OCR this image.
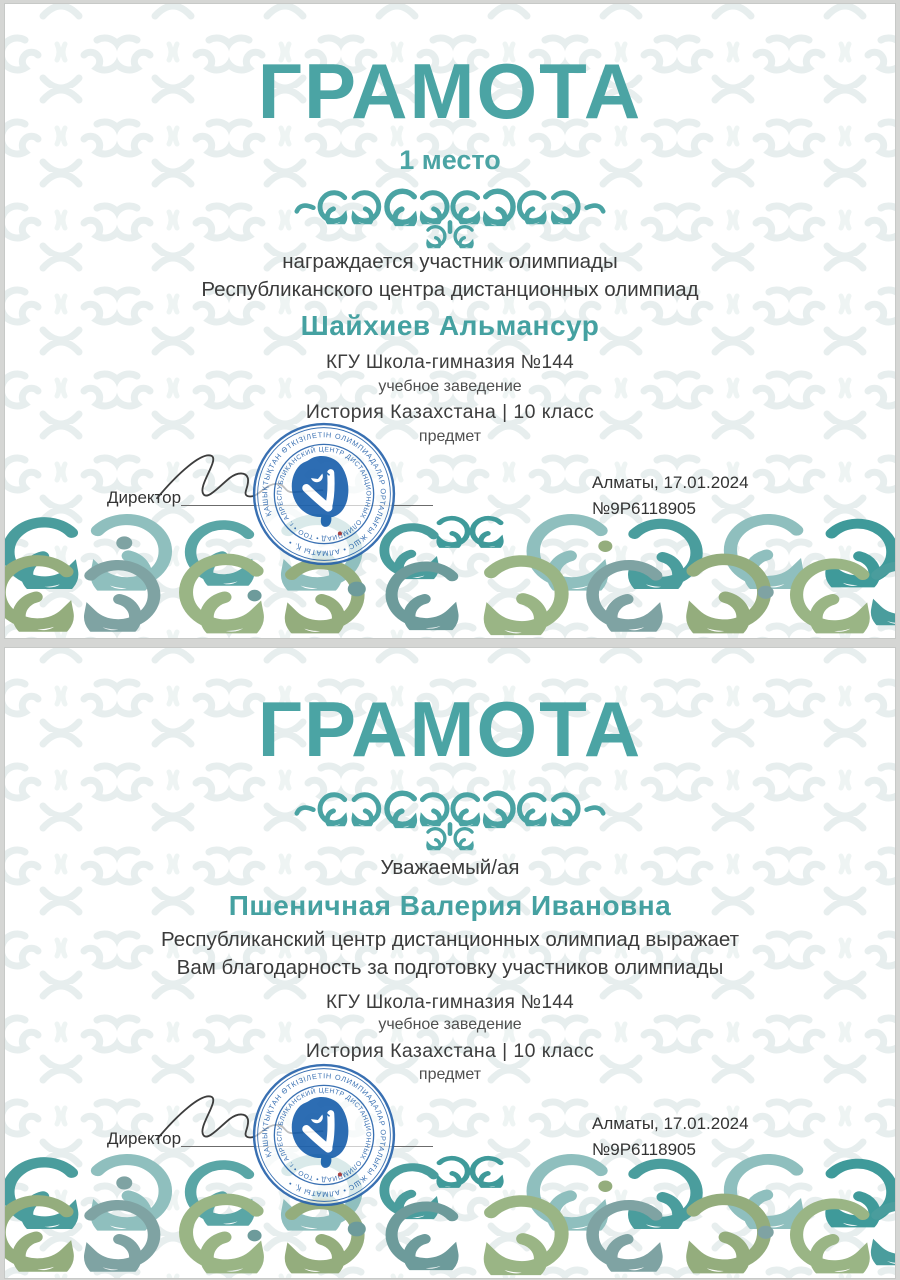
ГРАМОТА
1 место
награждается участник олимпиады
Республиканского центра дистанционных олимпиад
Шайхиев Альмансур
КГУ Школа-гимназия №144
учебное заведение
История Казахстана | 10 класс
предмет
Директор
Алматы, 17.01.2024
№9Р6118905
ГРАМОТА
Уважаемый/ая
Пшеничная Валерия Ивановна
Республиканский центр дистанционных олимпиад выражает
Вам благодарность за подготовку участников олимпиады
КГУ Школа-гимназия №144
учебное заведение
История Казахстана | 10 класс
предмет
Директор
Алматы, 17.01.2024
№9Р6118905
